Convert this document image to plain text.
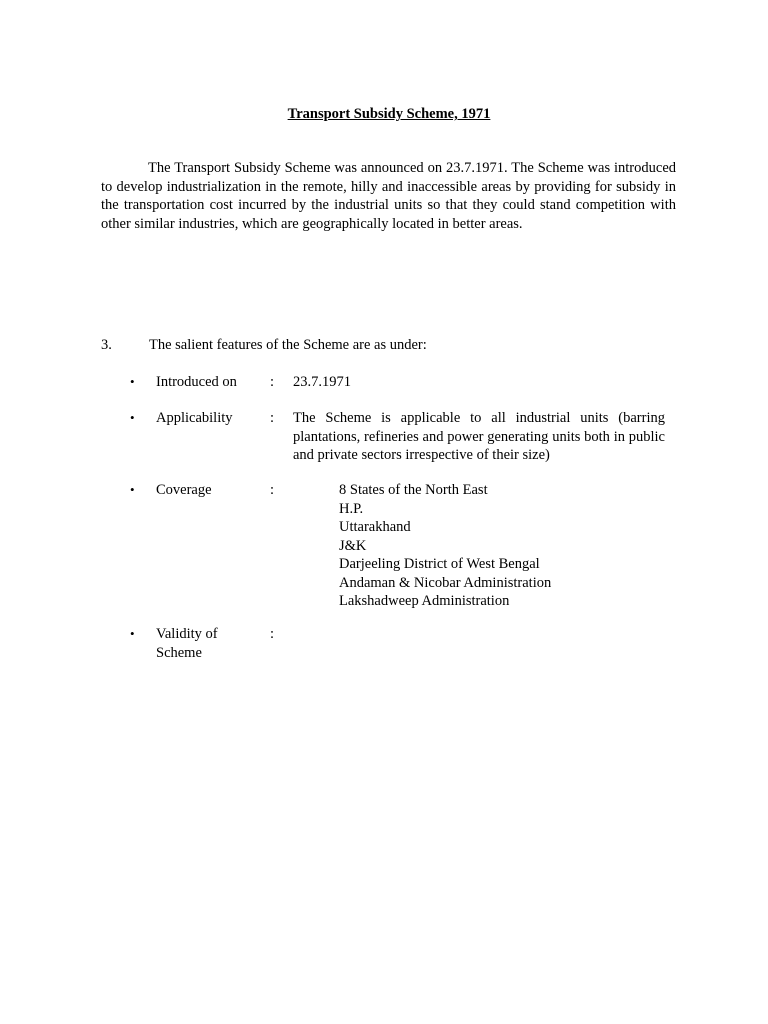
Transport Subsidy Scheme, 1971

The Transport Subsidy Scheme was announced on 23.7.1971. The Scheme was introduced to develop industrialization in the remote, hilly and inaccessible areas by providing for subsidy in the transportation cost incurred by the industrial units so that they could stand competition with other similar industries, which are geographically located in better areas.

3.	The salient features of the Scheme are as under:
• Introduced on	: 23.7.1971
• Applicability	: The Scheme is applicable to all industrial units (barring plantations, refineries and power generating units both in public and private sectors irrespective of their size)
• Coverage	:	8 States of the North East
H.P.
Uttarakhand
J&K
Darjeeling District of West Bengal
Andaman & Nicobar Administration
Lakshadweep Administration
• Validity of
Scheme
:
